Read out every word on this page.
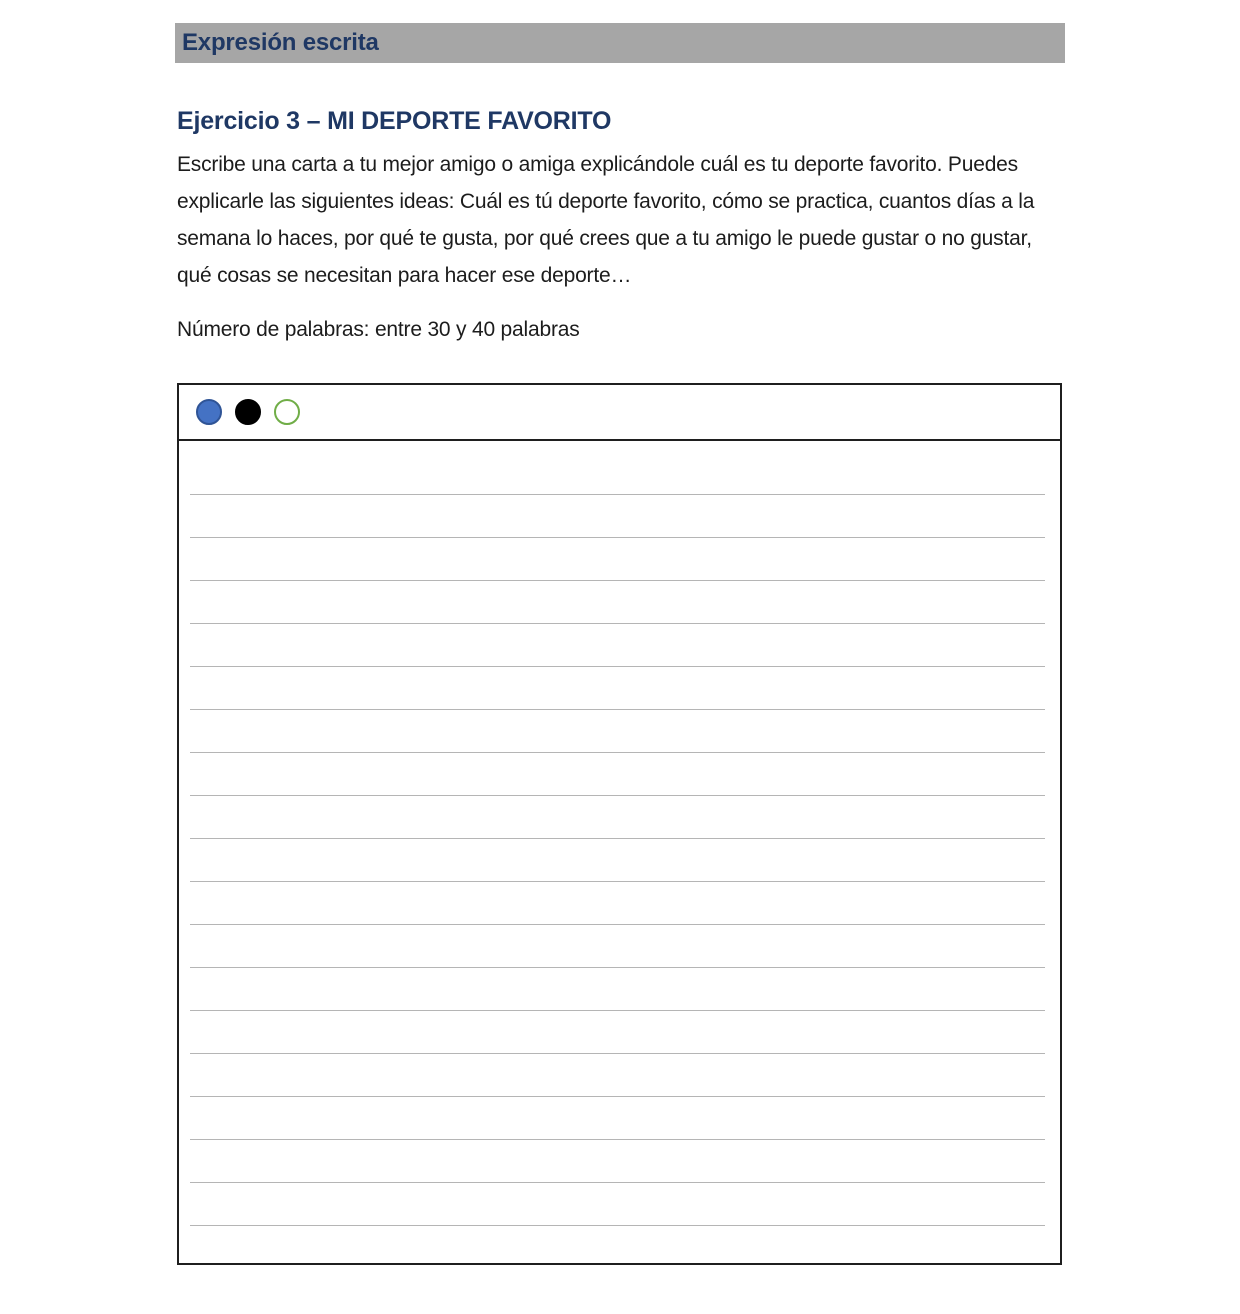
Expresión escrita
Ejercicio 3 – MI DEPORTE FAVORITO
Escribe una carta a tu mejor amigo o amiga explicándole cuál es tu deporte favorito. Puedes explicarle las siguientes ideas: Cuál es tú deporte favorito, cómo se practica, cuantos días a la semana lo haces, por qué te gusta, por qué crees que a tu amigo le puede gustar o no gustar, qué cosas se necesitan para hacer ese deporte…
Número de palabras: entre 30 y 40 palabras
